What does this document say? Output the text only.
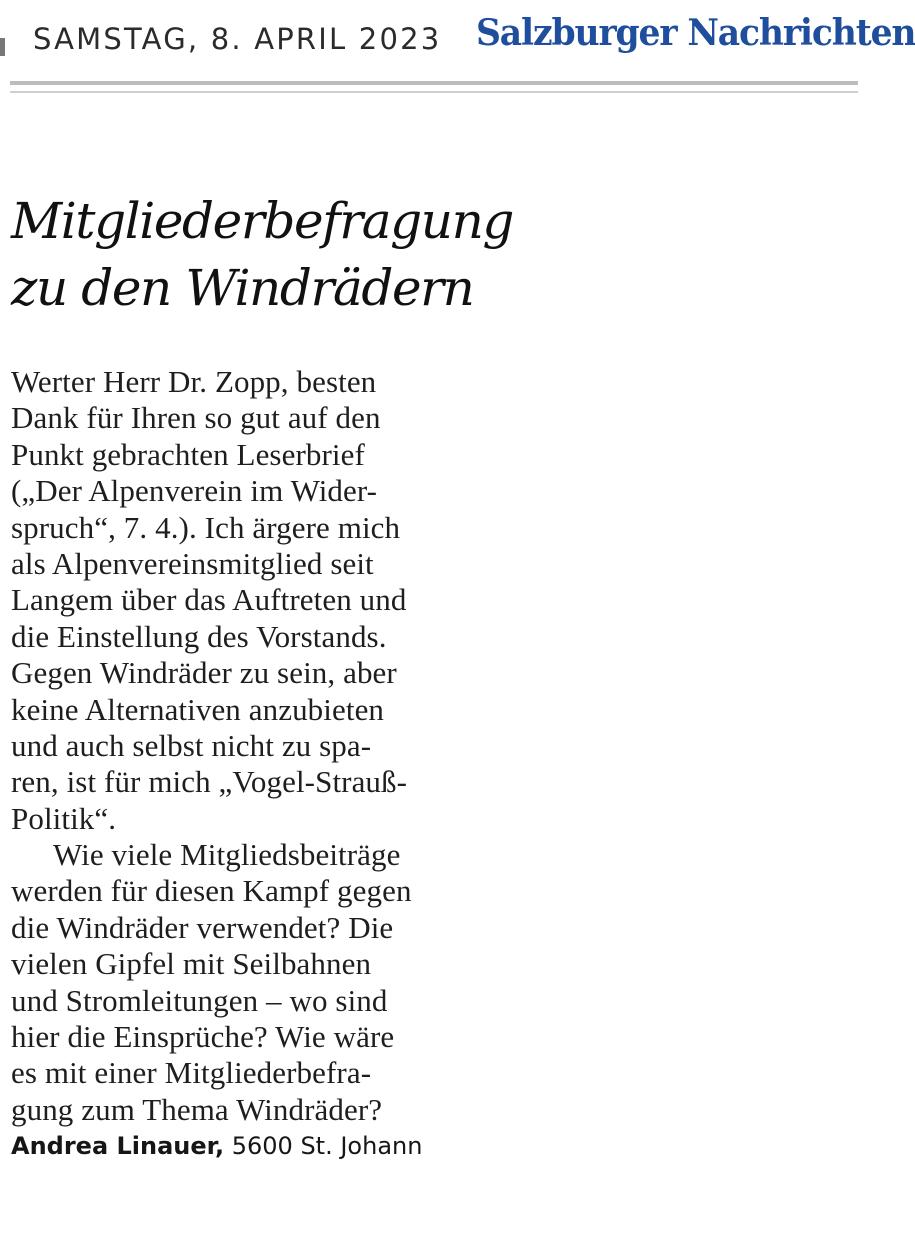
SAMSTAG, 8. APRIL 2023 Salzburger Nachrichten
Mitgliederbefragung
zu den Windrädern
Werter Herr Dr. Zopp, besten
Dank für Ihren so gut auf den
Punkt gebrachten Leserbrief
(„Der Alpenverein im Wider-
spruch“, 7. 4.). Ich ärgere mich
als Alpenvereinsmitglied seit
Langem über das Auftreten und
die Einstellung des Vorstands.
Gegen Windräder zu sein, aber
keine Alternativen anzubieten
und auch selbst nicht zu spa-
ren, ist für mich „Vogel-Strauß-
Politik“.
Wie viele Mitgliedsbeiträge
werden für diesen Kampf gegen
die Windräder verwendet? Die
vielen Gipfel mit Seilbahnen
und Stromleitungen – wo sind
hier die Einsprüche? Wie wäre
es mit einer Mitgliederbefra-
gung zum Thema Windräder?
Andrea Linauer, 5600 St. Johann
